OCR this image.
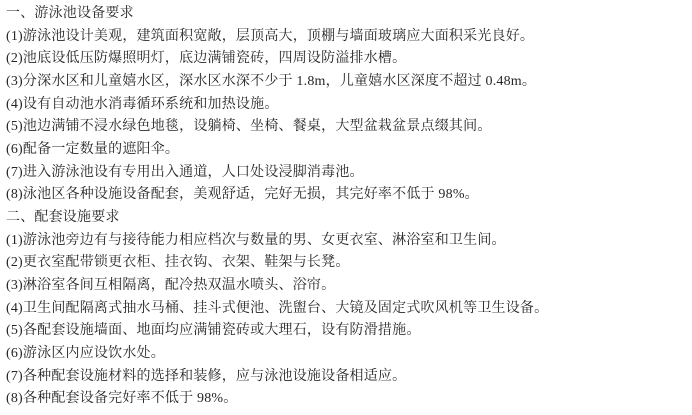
一、游泳池设备要求

(1)游泳池设计美观，建筑面积宽敞，层顶高大，顶棚与墙面玻璃应大面积采光良好。

(2)池底设低压防爆照明灯，底边满铺瓷砖，四周设防溢排水槽。

(3)分深水区和儿童嬉水区，深水区水深不少于 1.8m，儿童嬉水区深度不超过 0.48m。

(4)设有自动池水消毒循环系统和加热设施。

(5)池边满铺不浸水绿色地毯，设躺椅、坐椅、餐桌，大型盆栽盆景点缀其间。

(6)配备一定数量的遮阳伞。

(7)进入游泳池设有专用出入通道，人口处设浸脚消毒池。

(8)泳池区各种设施设备配套，美观舒适，完好无损，其完好率不低于 98%。

二、配套设施要求

(1)游泳池旁边有与接待能力相应档次与数量的男、女更衣室、淋浴室和卫生间。

(2)更衣室配带锁更衣柜、挂衣钩、衣架、鞋架与长凳。

(3)淋浴室各间互相隔离，配冷热双温水喷头、浴帘。

(4)卫生间配隔离式抽水马桶、挂斗式便池、洗盥台、大镜及固定式吹风机等卫生设备。

(5)各配套设施墙面、地面均应满铺瓷砖或大理石，设有防滑措施。

(6)游泳区内应设饮水处。

(7)各种配套设施材料的选择和装修，应与泳池设施设备相适应。

(8)各种配套设备完好率不低于 98%。
